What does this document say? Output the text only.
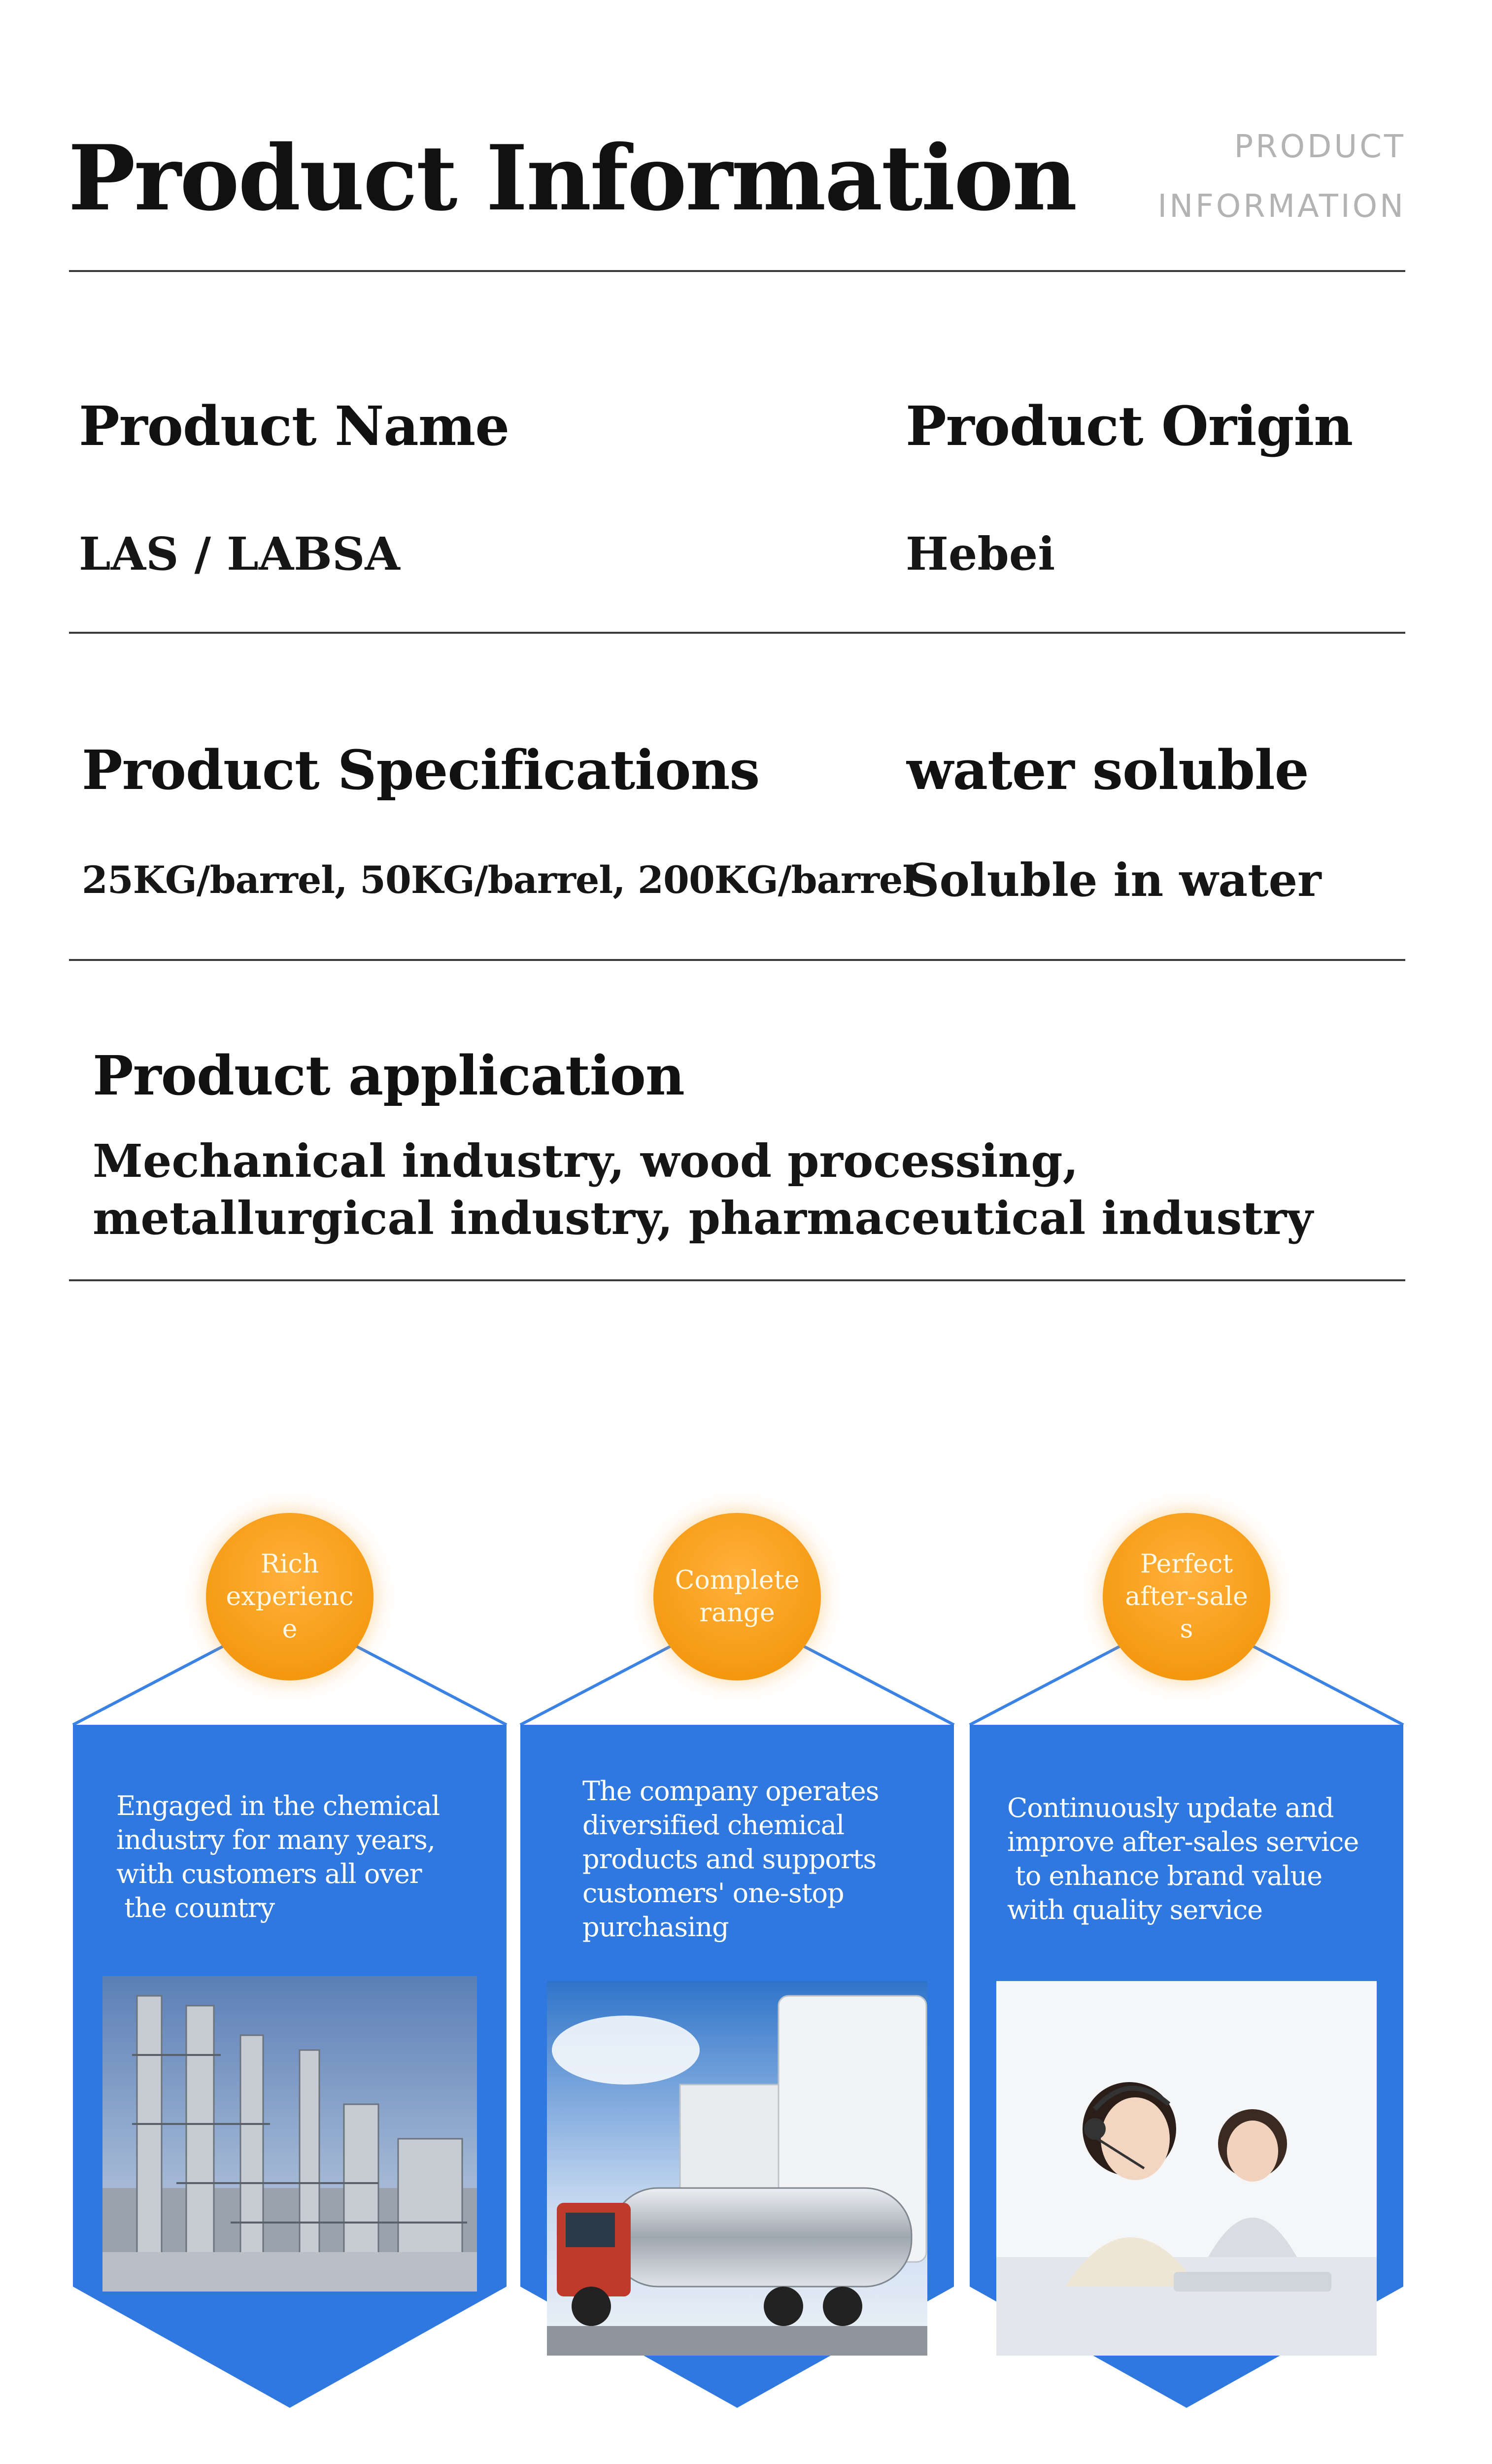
Product Information	PRODUCT
INFORMATION
Product Name
LAS / LABSA
Product Origin
Hebei
Product Specifications
25KG/barrel, 50KG/barrel, 200KG/barrel
water soluble
Soluble in water
Product application
Mechanical industry, wood processing,
metallurgical industry, pharmaceutical industry
Rich
experienc
e
Engaged in the chemical
industry for many years,
with customers all over
the country
Complete
range
The company operates
diversified chemical
products and supports
customers' one-stop
purchasing
Perfect
after-sales
Continuously update and
improve after-sales service
to enhance brand value
with quality service
